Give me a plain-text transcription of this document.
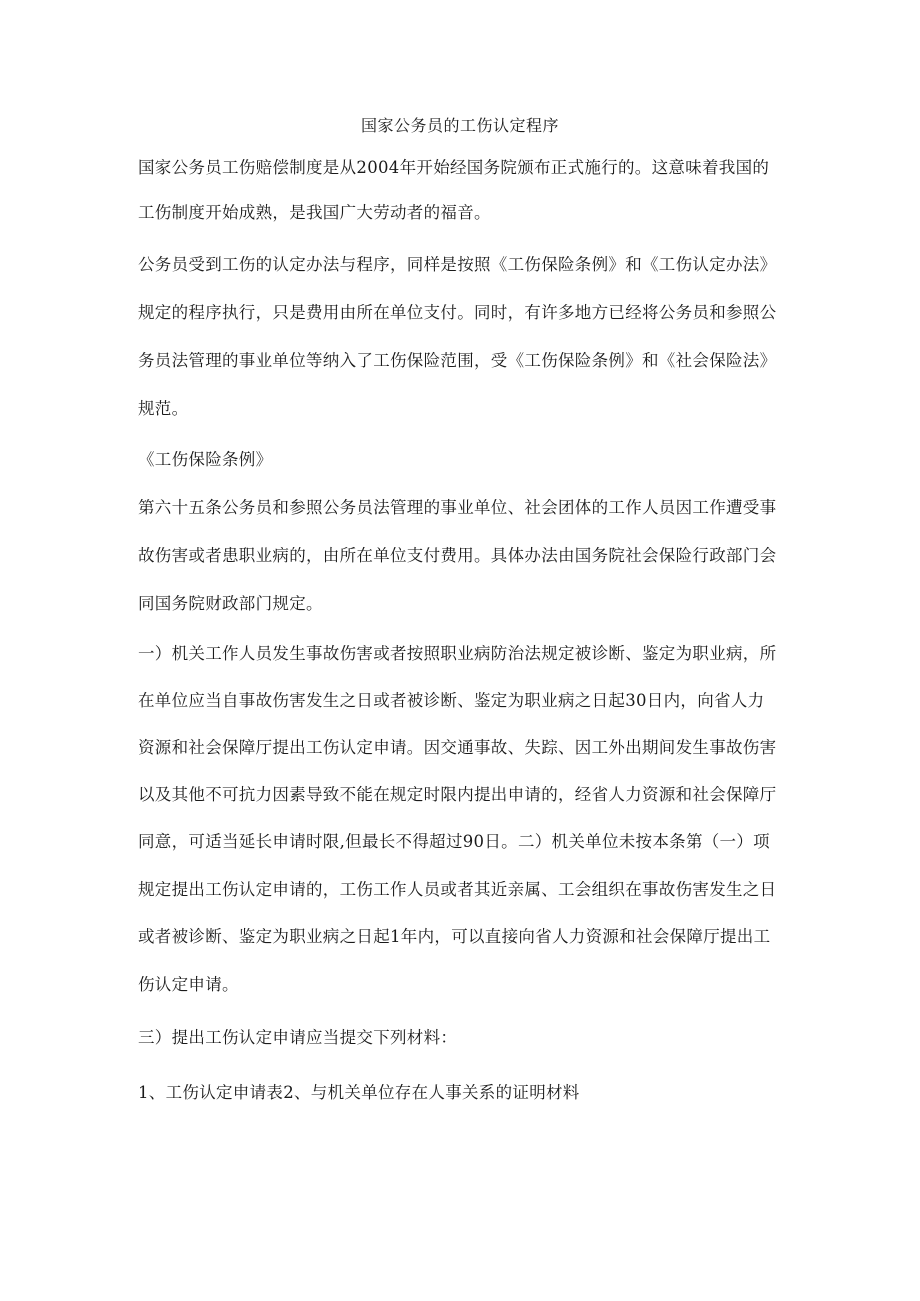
国家公务员的工伤认定程序
国家公务员工伤赔偿制度是从2004年开始经国务院颁布正式施行的。这意味着我国的
工伤制度开始成熟，是我国广大劳动者的福音。
公务员受到工伤的认定办法与程序，同样是按照《工伤保险条例》和《工伤认定办法》
规定的程序执行，只是费用由所在单位支付。同时，有许多地方已经将公务员和参照公
务员法管理的事业单位等纳入了工伤保险范围，受《工伤保险条例》和《社会保险法》
规范。
《工伤保险条例》
第六十五条公务员和参照公务员法管理的事业单位、社会团体的工作人员因工作遭受事
故伤害或者患职业病的，由所在单位支付费用。具体办法由国务院社会保险行政部门会
同国务院财政部门规定。
一）机关工作人员发生事故伤害或者按照职业病防治法规定被诊断、鉴定为职业病，所
在单位应当自事故伤害发生之日或者被诊断、鉴定为职业病之日起30日内，向省人力
资源和社会保障厅提出工伤认定申请。因交通事故、失踪、因工外出期间发生事故伤害
以及其他不可抗力因素导致不能在规定时限内提出申请的，经省人力资源和社会保障厅
同意，可适当延长申请时限,但最长不得超过90日。二）机关单位未按本条第（一）项
规定提出工伤认定申请的，工伤工作人员或者其近亲属、工会组织在事故伤害发生之日
或者被诊断、鉴定为职业病之日起1年内，可以直接向省人力资源和社会保障厅提出工
伤认定申请。
三）提出工伤认定申请应当提交下列材料：
1、工伤认定申请表2、与机关单位存在人事关系的证明材料
